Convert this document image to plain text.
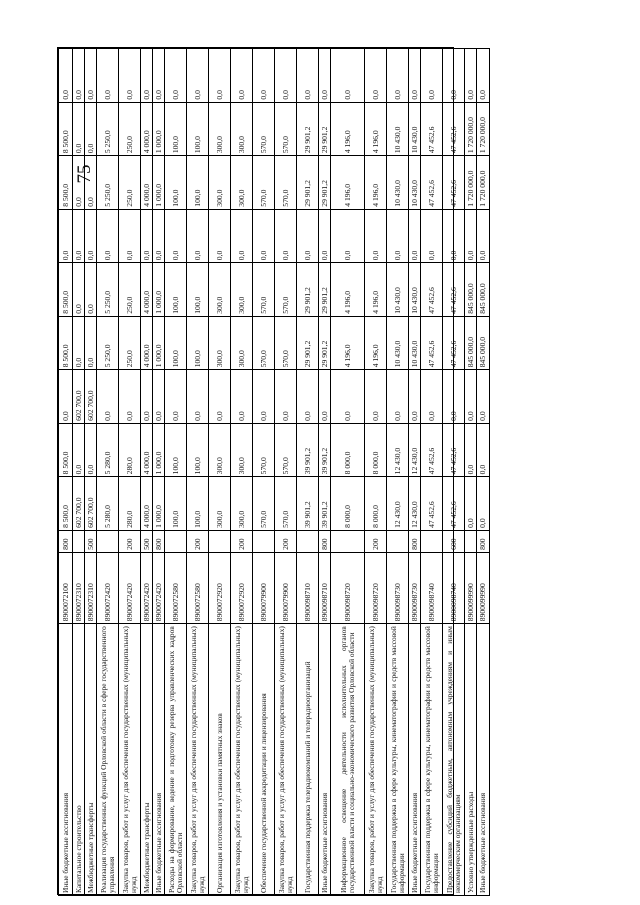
75
Иные бюджетные ассигнования	8900072100	800	8 500,0	8 500,0	0,0	8 500,0	8 500,0	0,0	8 500,0	8 500,0	0,0
Капитальное строительство	8900072310		602 700,0	0,0	602 700,0	0,0	0,0	0,0	0,0	0,0	0,0
Межбюджетные трансферты	8900072310	500	602 700,0	0,0	602 700,0	0,0	0,0	0,0	0,0	0,0	0,0
Реализация государственных функций Орловской области в сфере государственного управления	8900072420		5 280,0	5 280,0	0,0	5 250,0	5 250,0	0,0	5 250,0	5 250,0	0,0
Закупка товаров, работ и услуг для обеспечения государственных (муниципальных) нужд	8900072420	200	280,0	280,0	0,0	250,0	250,0	0,0	250,0	250,0	0,0
Межбюджетные трансферты	8900072420	500	4 000,0	4 000,0	0,0	4 000,0	4 000,0	0,0	4 000,0	4 000,0	0,0
Иные бюджетные ассигнования	8900072420	800	1 000,0	1 000,0	0,0	1 000,0	1 000,0	0,0	1 000,0	1 000,0	0,0
Расходы на формирование, ведение и подготовку резерва управленческих кадров Орловской области	8900072580		100,0	100,0	0,0	100,0	100,0	0,0	100,0	100,0	0,0
Закупка товаров, работ и услуг для обеспечения государственных (муниципальных) нужд	8900072580	200	100,0	100,0	0,0	100,0	100,0	0,0	100,0	100,0	0,0
Организация изготовления и установки памятных знаков	8900072920		300,0	300,0	0,0	300,0	300,0	0,0	300,0	300,0	0,0
Закупка товаров, работ и услуг для обеспечения государственных (муниципальных) нужд	8900072920	200	300,0	300,0	0,0	300,0	300,0	0,0	300,0	300,0	0,0
Обеспечение государственной аккредитации и лицензирования	8900079900		570,0	570,0	0,0	570,0	570,0	0,0	570,0	570,0	0,0
Закупка товаров, работ и услуг для обеспечения государственных (муниципальных) нужд	8900079900	200	570,0	570,0	0,0	570,0	570,0	0,0	570,0	570,0	0,0
Государственная поддержка телерадиокомпаний и телерадиоорганизаций	8900098710		39 901,2	39 901,2	0,0	29 901,2	29 901,2	0,0	29 901,2	29 901,2	0,0
Иные бюджетные ассигнования	8900098710	800	39 901,2	39 901,2	0,0	29 901,2	29 901,2	0,0	29 901,2	29 901,2	0,0
Информационное освещение деятельности исполнительных органов государственной власти и социально-экономического развития Орловской области	8900098720		8 000,0	8 000,0	0,0	4 196,0	4 196,0	0,0	4 196,0	4 196,0	0,0
Закупка товаров, работ и услуг для обеспечения государственных (муниципальных) нужд	8900098720	200	8 000,0	8 000,0	0,0	4 196,0	4 196,0	0,0	4 196,0	4 196,0	0,0
Государственная поддержка в сфере культуры, кинематографии и средств массовой информации	8900098730		12 430,0	12 430,0	0,0	10 430,0	10 430,0	0,0	10 430,0	10 430,0	0,0
Иные бюджетные ассигнования	8900098730	800	12 430,0	12 430,0	0,0	10 430,0	10 430,0	0,0	10 430,0	10 430,0	0,0
Государственная поддержка в сфере культуры, кинематографии и средств массовой информации	8900098740		47 452,6	47 452,6	0,0	47 452,6	47 452,6	0,0	47 452,6	47 452,6	0,0
Предоставление субсидий бюджетным, автономным учреждениям и иным некоммерческим организациям	8900098740	600	47 452,6	47 452,6	0,0	47 452,6	47 452,6	0,0	47 452,6	47 452,6	0,0
Условно утвержденные расходы	8900099990		0,0	0,0	0,0	845 000,0	845 000,0	0,0	1 720 000,0	1 720 000,0	0,0
Иные бюджетные ассигнования	8900099990	800	0,0	0,0	0,0	845 000,0	845 000,0	0,0	1 720 000,0	1 720 000,0	0,0
